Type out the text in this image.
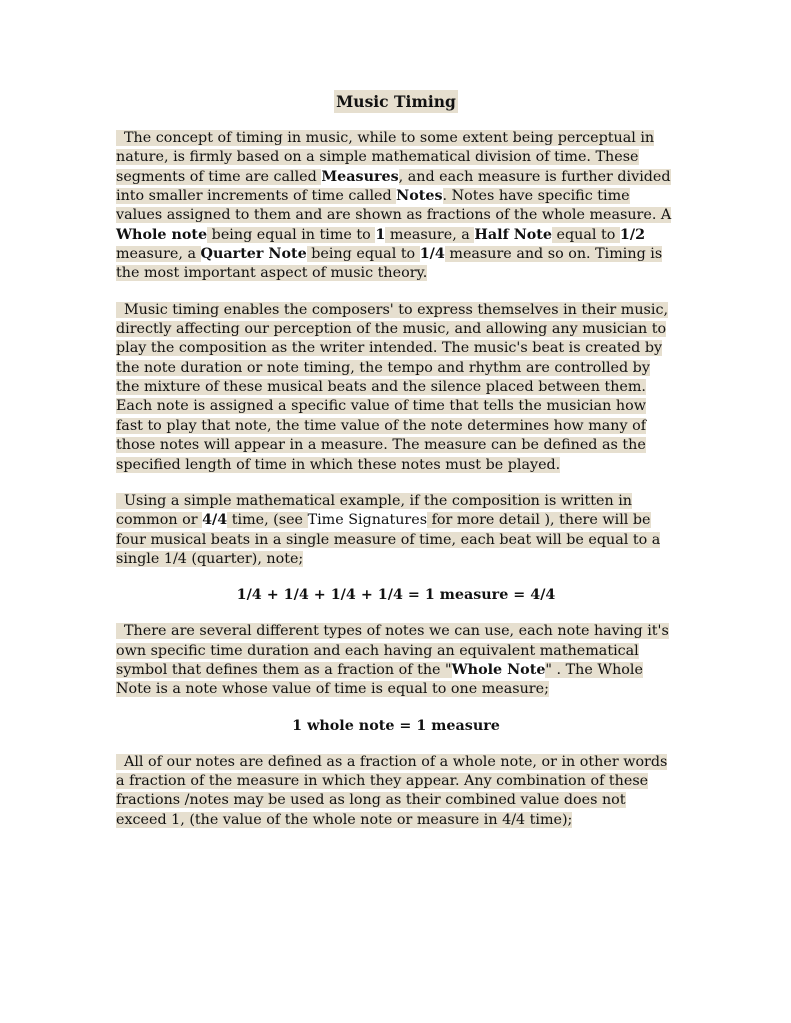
Music Timing

The concept of timing in music, while to some extent being perceptual in nature, is firmly based on a simple mathematical division of time. These segments of time are called Measures, and each measure is further divided into smaller increments of time called Notes. Notes have specific time values assigned to them and are shown as fractions of the whole measure. A Whole note being equal in time to 1 measure, a Half Note equal to 1/2 measure, a Quarter Note being equal to 1/4 measure and so on. Timing is the most important aspect of music theory.

Music timing enables the composers' to express themselves in their music, directly affecting our perception of the music, and allowing any musician to play the composition as the writer intended. The music's beat is created by the note duration or note timing, the tempo and rhythm are controlled by the mixture of these musical beats and the silence placed between them. Each note is assigned a specific value of time that tells the musician how fast to play that note, the time value of the note determines how many of those notes will appear in a measure. The measure can be defined as the specified length of time in which these notes must be played.

Using a simple mathematical example, if the composition is written in common or 4/4 time, (see Time Signatures for more detail ), there will be four musical beats in a single measure of time, each beat will be equal to a single 1/4 (quarter), note;

1/4 + 1/4 + 1/4 + 1/4 = 1 measure = 4/4

There are several different types of notes we can use, each note having it's own specific time duration and each having an equivalent mathematical symbol that defines them as a fraction of the "Whole Note" . The Whole Note is a note whose value of time is equal to one measure;

1 whole note = 1 measure

All of our notes are defined as a fraction of a whole note, or in other words a fraction of the measure in which they appear. Any combination of these fractions /notes may be used as long as their combined value does not exceed 1, (the value of the whole note or measure in 4/4 time);
